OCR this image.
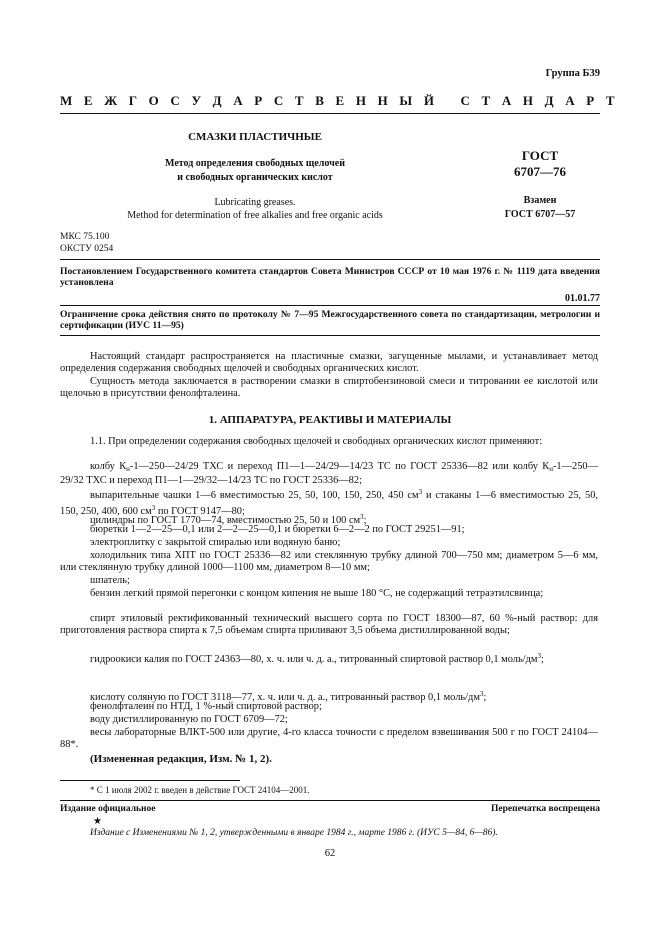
Группа Б39
М Е Ж Г О С У Д А Р С Т В Е Н Н Ы Й   С Т А Н Д А Р Т
СМАЗКИ ПЛАСТИЧНЫЕ
Метод определения свободных щелочей
и свободных органических кислот
Lubricating greases.
Method for determination of free alkalies and free organic acids
ГОСТ
6707—76
Взамен
ГОСТ 6707—57
МКС 75.100
ОКСТУ 0254
Постановлением Государственного комитета стандартов Совета Министров СССР от 10 мая 1976 г. № 1119 дата введения установлена
01.01.77
Ограничение срока действия снято по протоколу № 7—95 Межгосударственного совета по стандартизации, метрологии и сертификации (ИУС 11—95)

Настоящий стандарт распространяется на пластичные смазки, загущенные мылами, и устанавливает метод определения содержания свободных щелочей и свободных органических кислот.

Сущность метода заключается в растворении смазки в спиртобензиновой смеси и титровании ее кислотой или щелочью в присутствии фенолфталеина.

1. АППАРАТУРА, РЕАКТИВЫ И МАТЕРИАЛЫ

1.1. При определении содержания свободных щелочей и свободных органических кислот применяют:

колбу $К_н-1—250—24/29$ ТХС и переход П1—1—24/29—14/23 ТС по ГОСТ 25336—82 или колбу $К_н-1—250—29/32$ ТХС и переход П1—1—29/32—14/23 ТС по ГОСТ 25336—82;

выпарительные чашки 1—6 вместимостью 25, 50, 100, 150, 250, 450 $см^3$ и стаканы 1—6 вместимостью 25, 50, 150, 250, 400, 600 $см^3$ по ГОСТ 9147—80;

цилиндры по ГОСТ 1770—74, вместимостью 25, 50 и 100 $см^3$;

бюретки 1—2—25—0,1 или 2—2—25—0,1 и бюретки 6—2—2 по ГОСТ 29251—91;

электроплитку с закрытой спиралью или водяную баню;

холодильник типа ХПТ по ГОСТ 25336—82 или стеклянную трубку длиной 700—750 мм; диаметром 5—6 мм, или стеклянную трубку длиной 1000—1100 мм, диаметром 8—10 мм;

шпатель;

бензин легкий прямой перегонки с концом кипения не выше 180 °С, не содержащий тетраэтилсвинца;

спирт этиловый ректификованный технический высшего сорта по ГОСТ 18300—87, 60 %-ный раствор: для приготовления раствора спирта к 7,5 объемам спирта приливают 3,5 объема дистиллированной воды;

гидроокиси калия по ГОСТ 24363—80, х. ч. или ч. д. а., титрованный спиртовой раствор 0,1 моль/$дм^3$;

кислоту соляную по ГОСТ 3118—77, х. ч. или ч. д. а., титрованный раствор 0,1 моль/$дм^3$;

фенолфталеин по НТД, 1 %-ный спиртовой раствор;

воду дистиллированную по ГОСТ 6709—72;

весы лабораторные ВЛКТ-500 или другие, 4-го класса точности с пределом взвешивания 500 г по ГОСТ 24104—88*.

(Измененная редакция, Изм. № 1, 2).

* С 1 июля 2002 г. введен в действие ГОСТ 24104—2001.
Издание официальное	Перепечатка воспрещена
★
Издание с Изменениями № 1, 2, утвержденными в январе 1984 г., марте 1986 г. (ИУС 5—84, 6—86).
62
